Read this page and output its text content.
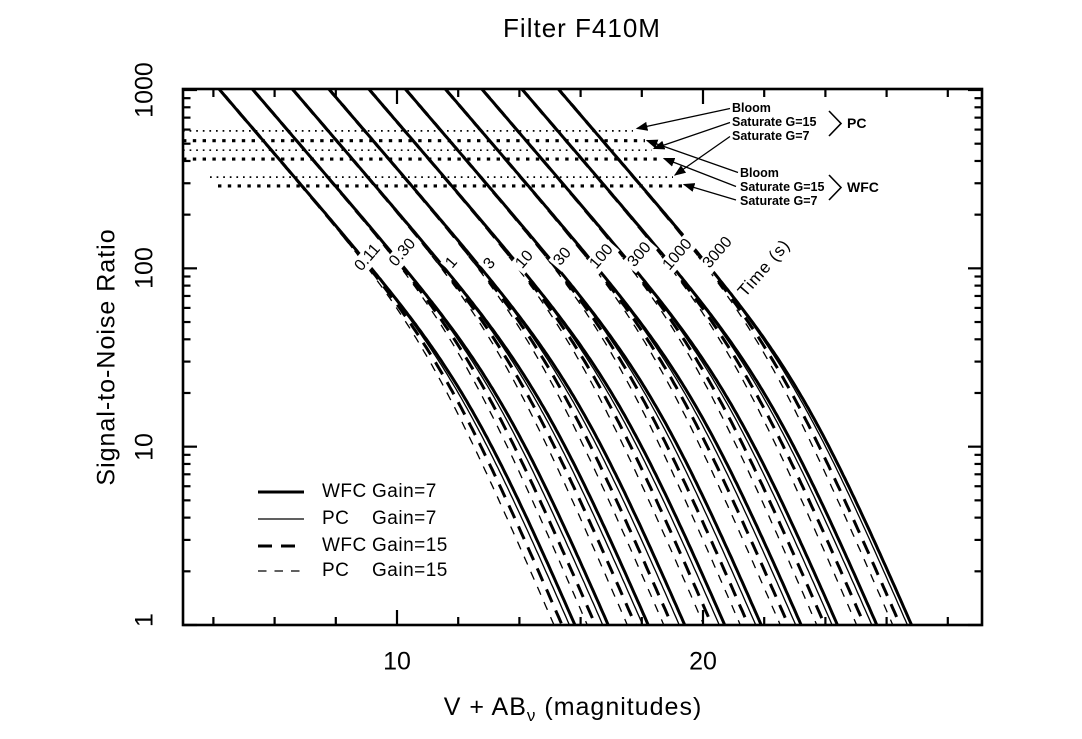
Filter F410M
Signal-to-Noise Ratio
$V + AB_\nu$ (magnitudes)
1000
100
10
1
10	20
WFC Gain=7
PC Gain=7
WFC Gain=15
PC Gain=15
Bloom
Saturate G=15
Saturate G=7
Bloom
Saturate G=15
Saturate G=7
PC
WFC
0.11 0.30 1 3 10 30 100 300 1000 3000
Time (s)
